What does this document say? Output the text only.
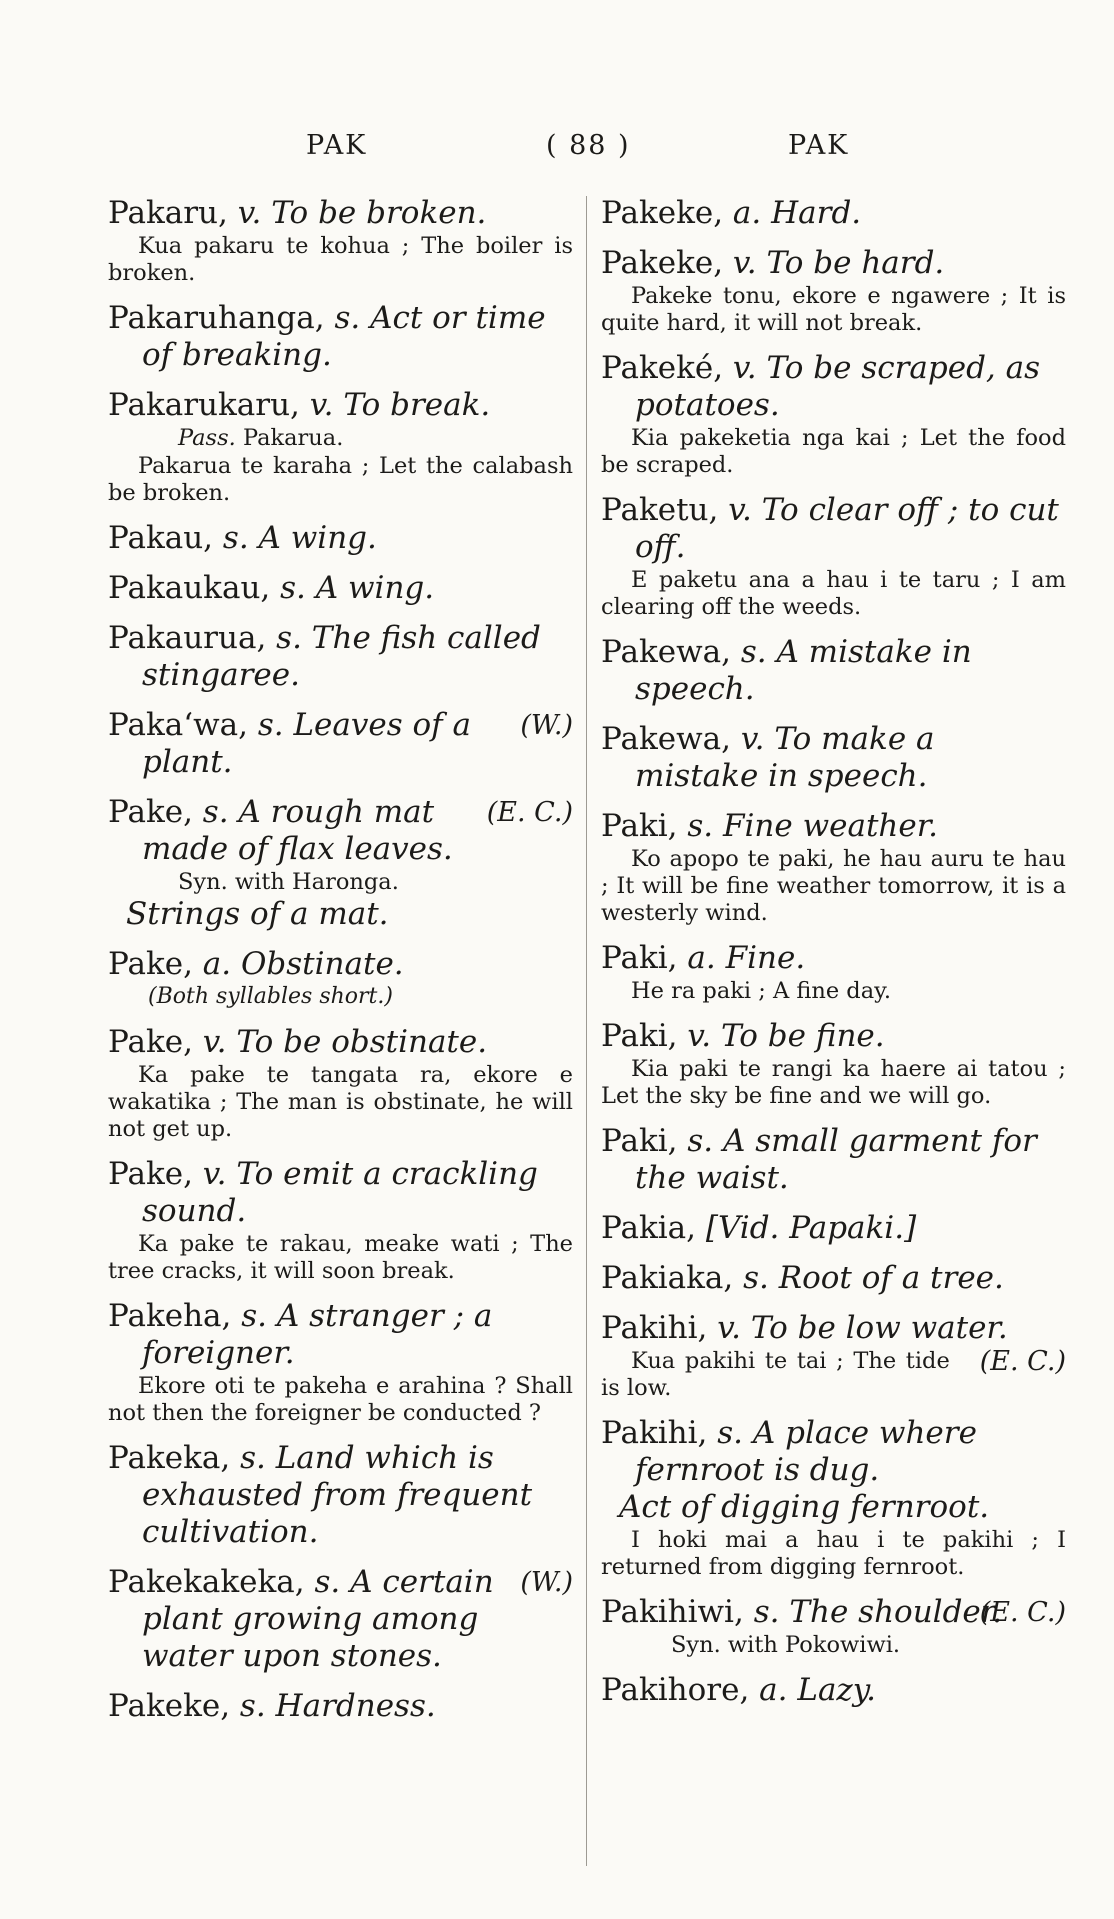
PAK	( 88 )	PAK
Pakaru, v. To be broken.
Kua pakaru te kohua ; The boiler is broken.
Pakaruhanga, s. Act or time of breaking.
Pakarukaru, v. To break.
Pass. Pakarua.
Pakarua te karaha ; Let the calabash be broken.
Pakau, s. A wing.
Pakaukau, s. A wing.
Pakaurua, s. The fish called stingaree.
(W.)
Paka‘wa, s. Leaves of a plant.
(E. C.)
Pake, s. A rough mat made of flax leaves.
Syn. with Haronga.
Strings of a mat.
Pake, a. Obstinate.
(Both syllables short.)
Pake, v. To be obstinate.
Ka pake te tangata ra, ekore e wakatika ; The man is obstinate, he will not get up.
Pake, v. To emit a crackling sound.
Ka pake te rakau, meake wati ; The tree cracks, it will soon break.
Pakeha, s. A stranger ; a foreigner.
Ekore oti te pakeha e arahina ? Shall not then the foreigner be conducted ?
Pakeka, s. Land which is exhausted from frequent cultivation.
(W.)
Pakekakeka, s. A certain plant growing among water upon stones.
Pakeke, s. Hardness.
Pakeke, a. Hard.
Pakeke, v. To be hard.
Pakeke tonu, ekore e ngawere ; It is quite hard, it will not break.
Pakeké, v. To be scraped, as potatoes.
Kia pakeketia nga kai ; Let the food be scraped.
Paketu, v. To clear off ; to cut off.
E paketu ana a hau i te taru ; I am clearing off the weeds.
Pakewa, s. A mistake in speech.
Pakewa, v. To make a mistake in speech.
Paki, s. Fine weather.
Ko apopo te paki, he hau auru te hau ; It will be fine weather tomorrow, it is a westerly wind.
Paki, a. Fine.
He ra paki ; A fine day.
Paki, v. To be fine.
Kia paki te rangi ka haere ai tatou ; Let the sky be fine and we will go.
Paki, s. A small garment for the waist.
Pakia, [Vid. Papaki.]
Pakiaka, s. Root of a tree.
Pakihi, v. To be low water.
(E. C.)
Kua pakihi te tai ; The tide is low.
Pakihi, s. A place where fernroot is dug.
Act of digging fernroot.
I hoki mai a hau i te pakihi ; I returned from digging fernroot.
(E. C.)
Pakihiwi, s. The shoulder.
Syn. with Pokowiwi.
Pakihore, a. Lazy.
